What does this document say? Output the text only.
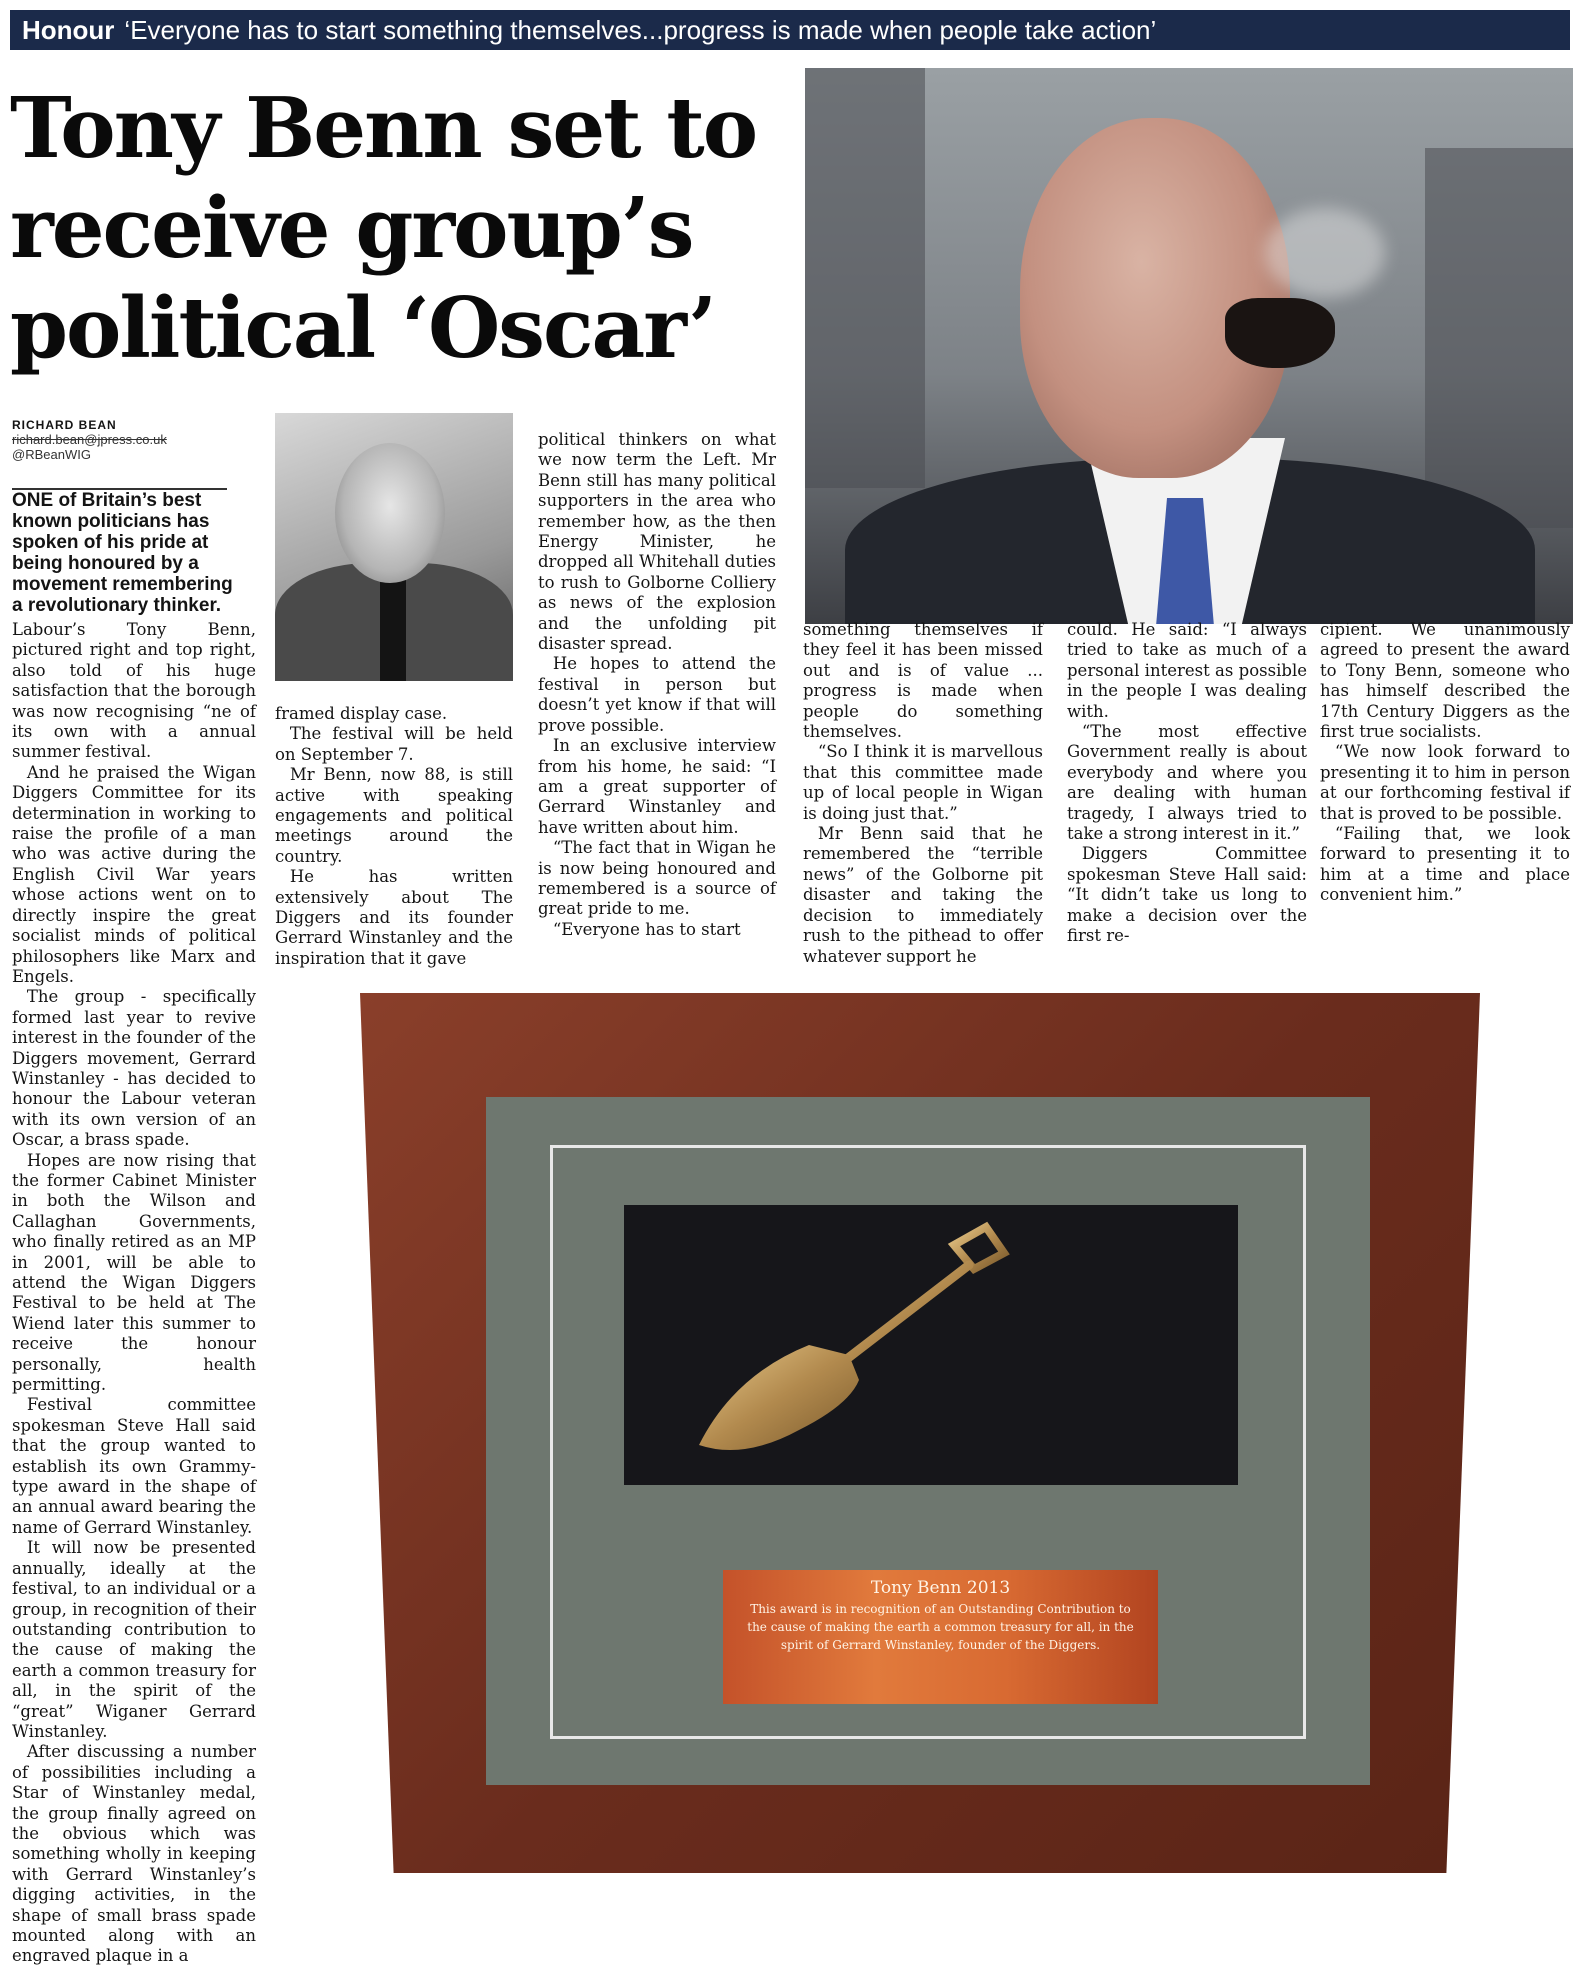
Honour ‘Everyone has to start something themselves...progress is made when people take action’
Tony Benn set to receive group’s political ‘Oscar’
RICHARD BEAN
richard.bean@jpress.co.uk
@RBeanWIG

ONE of Britain’s best known politicians has spoken of his pride at being honoured by a movement remembering a revolutionary thinker.

Labour’s Tony Benn, pictured right and top right, also told of his huge satisfaction that the borough was now recognising “ne of its own with a annual summer festival.

And he praised the Wigan Diggers Committee for its determination in working to raise the profile of a man who was active during the English Civil War years whose actions went on to directly inspire the great socialist minds of political philosophers like Marx and Engels.

The group - specifically formed last year to revive interest in the founder of the Diggers movement, Gerrard Winstanley - has decided to honour the Labour veteran with its own version of an Oscar, a brass spade.

Hopes are now rising that the former Cabinet Minister in both the Wilson and Callaghan Governments, who finally retired as an MP in 2001, will be able to attend the Wigan Diggers Festival to be held at The Wiend later this summer to receive the honour personally, health permitting.

Festival committee spokesman Steve Hall said that the group wanted to establish its own Grammy-type award in the shape of an annual award bearing the name of Gerrard Winstanley.

It will now be presented annually, ideally at the festival, to an individual or a group, in recognition of their outstanding contribution to the cause of making the earth a common treasury for all, in the spirit of the “great” Wiganer Gerrard Winstanley.

After discussing a number of possibilities including a Star of Winstanley medal, the group finally agreed on the obvious which was something wholly in keeping with Gerrard Winstanley’s digging activities, in the shape of small brass spade mounted along with an engraved plaque in a

framed display case.

The festival will be held on September 7.

Mr Benn, now 88, is still active with speaking engagements and political meetings around the country.

He has written extensively about The Diggers and its founder Gerrard Winstanley and the inspiration that it gave

political thinkers on what we now term the Left. Mr Benn still has many political supporters in the area who remember how, as the then Energy Minister, he dropped all Whitehall duties to rush to Golborne Colliery as news of the explosion and the unfolding pit disaster spread.

He hopes to attend the festival in person but doesn’t yet know if that will prove possible.

In an exclusive interview from his home, he said: “I am a great supporter of Gerrard Winstanley and have written about him.

“The fact that in Wigan he is now being honoured and remembered is a source of great pride to me.

“Everyone has to start

something themselves if they feel it has been missed out and is of value ... progress is made when people do something themselves.

“So I think it is marvellous that this committee made up of local people in Wigan is doing just that.”

Mr Benn said that he remembered the “terrible news” of the Golborne pit disaster and taking the decision to immediately rush to the pithead to offer whatever support he

could. He said: “I always tried to take as much of a personal interest as possible in the people I was dealing with.

“The most effective Government really is about everybody and where you are dealing with human tragedy, I always tried to take a strong interest in it.”

Diggers Committee spokesman Steve Hall said: “It didn’t take us long to make a decision over the first re-

cipient. We unanimously agreed to present the award to Tony Benn, someone who has himself described the 17th Century Diggers as the first true socialists.

“We now look forward to presenting it to him in person at our forthcoming festival if that is proved to be possible.

“Failing that, we look forward to presenting it to him at a time and place convenient him.”

Tony Benn 2013
This award is in recognition of an Outstanding Contribution to the cause of making the earth a common treasury for all, in the spirit of Gerrard Winstanley, founder of the Diggers.
